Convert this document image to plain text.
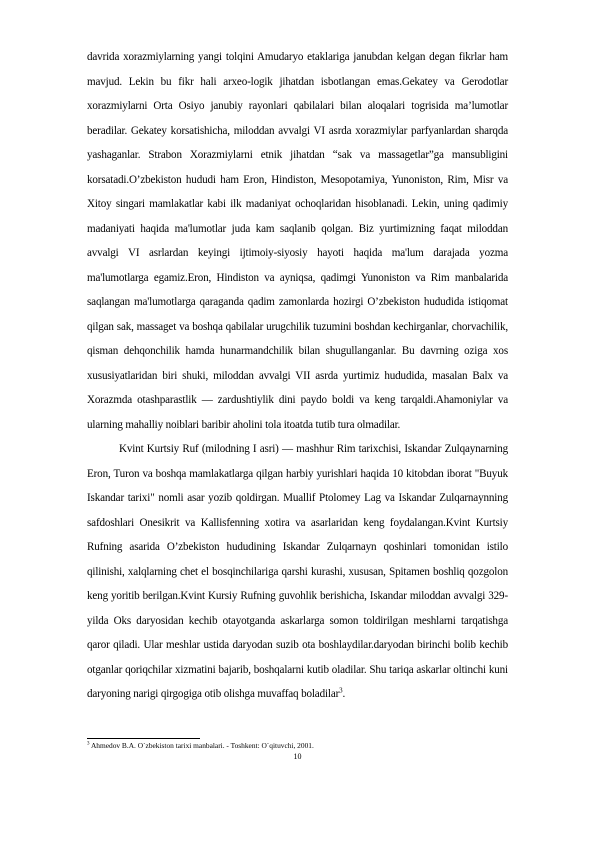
davrida xorazmiylarning yangi tolqini Amudaryo etaklariga janubdan kelgan degan fikrlar ham mavjud. Lekin bu fikr hali arxeo-logik jihatdan isbotlangan emas.Gekatey va Gerodotlar xorazmiylarni Orta Osiyo janubiy rayonlari qabilalari bilan aloqalari togrisida ma’lumotlar beradilar. Gekatey korsatishicha, miloddan avvalgi VI asrda xorazmiylar parfyanlardan sharqda yashaganlar. Strabon Xorazmiylarni etnik jihatdan “sak va massagetlar”ga mansubligini korsatadi.O’zbekiston hududi ham Eron, Hindiston, Mesopotamiya, Yunoniston, Rim, Misr va Xitoy singari mamlakatlar kabi ilk madaniyat ochoqlaridan hisoblanadi. Lekin, uning qadimiy madaniyati haqida ma'lumotlar juda kam saqlanib qolgan. Biz yurtimizning faqat miloddan avvalgi VI asrlardan keyingi ijtimoiy-siyosiy hayoti haqida ma'lum darajada yozma ma'lumotlarga egamiz.Eron, Hindiston va ayniqsa, qadimgi Yunoniston va Rim manbalarida saqlangan ma'lumotlarga qaraganda qadim zamonlarda hozirgi O’zbekiston hududida istiqomat qilgan sak, massaget va boshqa qabilalar urugchilik tuzumini boshdan kechirganlar, chorvachilik, qisman dehqonchilik hamda hunarmandchilik bilan shugullanganlar. Bu davrning oziga xos xususiyatlaridan biri shuki, miloddan avvalgi VII asrda yurtimiz hududida, masalan Balx va Xorazmda otashparastlik — zardushtiylik dini paydo boldi va keng tarqaldi.Ahamoniylar va ularning mahalliy noiblari baribir aholini tola itoatda tutib tura olmadilar.

Kvint Kurtsiy Ruf (milodning I asri) — mashhur Rim tarixchisi, Iskandar Zulqaynarning Eron, Turon va boshqa mamlakatlarga qilgan harbiy yurishlari haqida 10 kitobdan iborat "Buyuk Iskandar tarixi" nomli asar yozib qoldirgan. Muallif Ptolomey Lag va Iskandar Zulqarnaynning safdoshlari Onesikrit va Kallisfenning xotira va asarlaridan keng foydalangan.Kvint Kurtsiy Rufning asarida O’zbekiston hududining Iskandar Zulqarnayn qoshinlari tomonidan istilo qilinishi, xalqlarning chet el bosqinchilariga qarshi kurashi, xususan, Spitamen boshliq qozgolon keng yoritib berilgan.Kvint Kursiy Rufning guvohlik berishicha, Iskandar miloddan avvalgi 329-yilda Oks daryosidan kechib otayotganda askarlarga somon toldirilgan meshlarni tarqatishga qaror qiladi. Ular meshlar ustida daryodan suzib ota boshlaydilar.daryodan birinchi bolib kechib otganlar qoriqchilar xizmatini bajarib, boshqalarni kutib oladilar. Shu tariqa askarlar oltinchi kuni daryoning narigi qirgogiga otib olishga muvaffaq boladilar$^3$.

$^3$ Ahmedov B.A. O`zbekiston tarixi manbalari. - Toshkent: O`qituvchi, 2001.
10
